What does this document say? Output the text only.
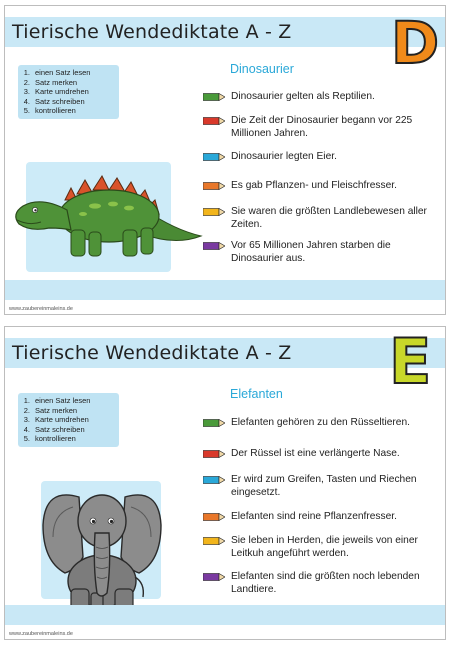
Tierische Wendediktate A - Z D
1. einen Satz lesen
2. Satz merken
3. Karte umdrehen
4. Satz schreiben
5. kontrollieren
Dinosaurier
Dinosaurier gelten als Reptilien.
Die Zeit der Dinosaurier begann vor 225 Millionen Jahren.
Dinosaurier legten Eier.
Es gab Pflanzen- und Fleischfresser.
Sie waren die größten Landlebewesen aller Zeiten.
Vor 65 Millionen Jahren starben die Dinosaurier aus.
www.zaubereinmaleins.de
Tierische Wendediktate A - Z E
1. einen Satz lesen
2. Satz merken
3. Karte umdrehen
4. Satz schreiben
5. kontrollieren
Elefanten
Elefanten gehören zu den Rüsseltieren.
Der Rüssel ist eine verlängerte Nase.
Er wird zum Greifen, Tasten und Riechen eingesetzt.
Elefanten sind reine Pflanzenfresser.
Sie leben in Herden, die jeweils von einer Leitkuh angeführt werden.
Elefanten sind die größten noch lebenden Landtiere.
www.zaubereinmaleins.de
